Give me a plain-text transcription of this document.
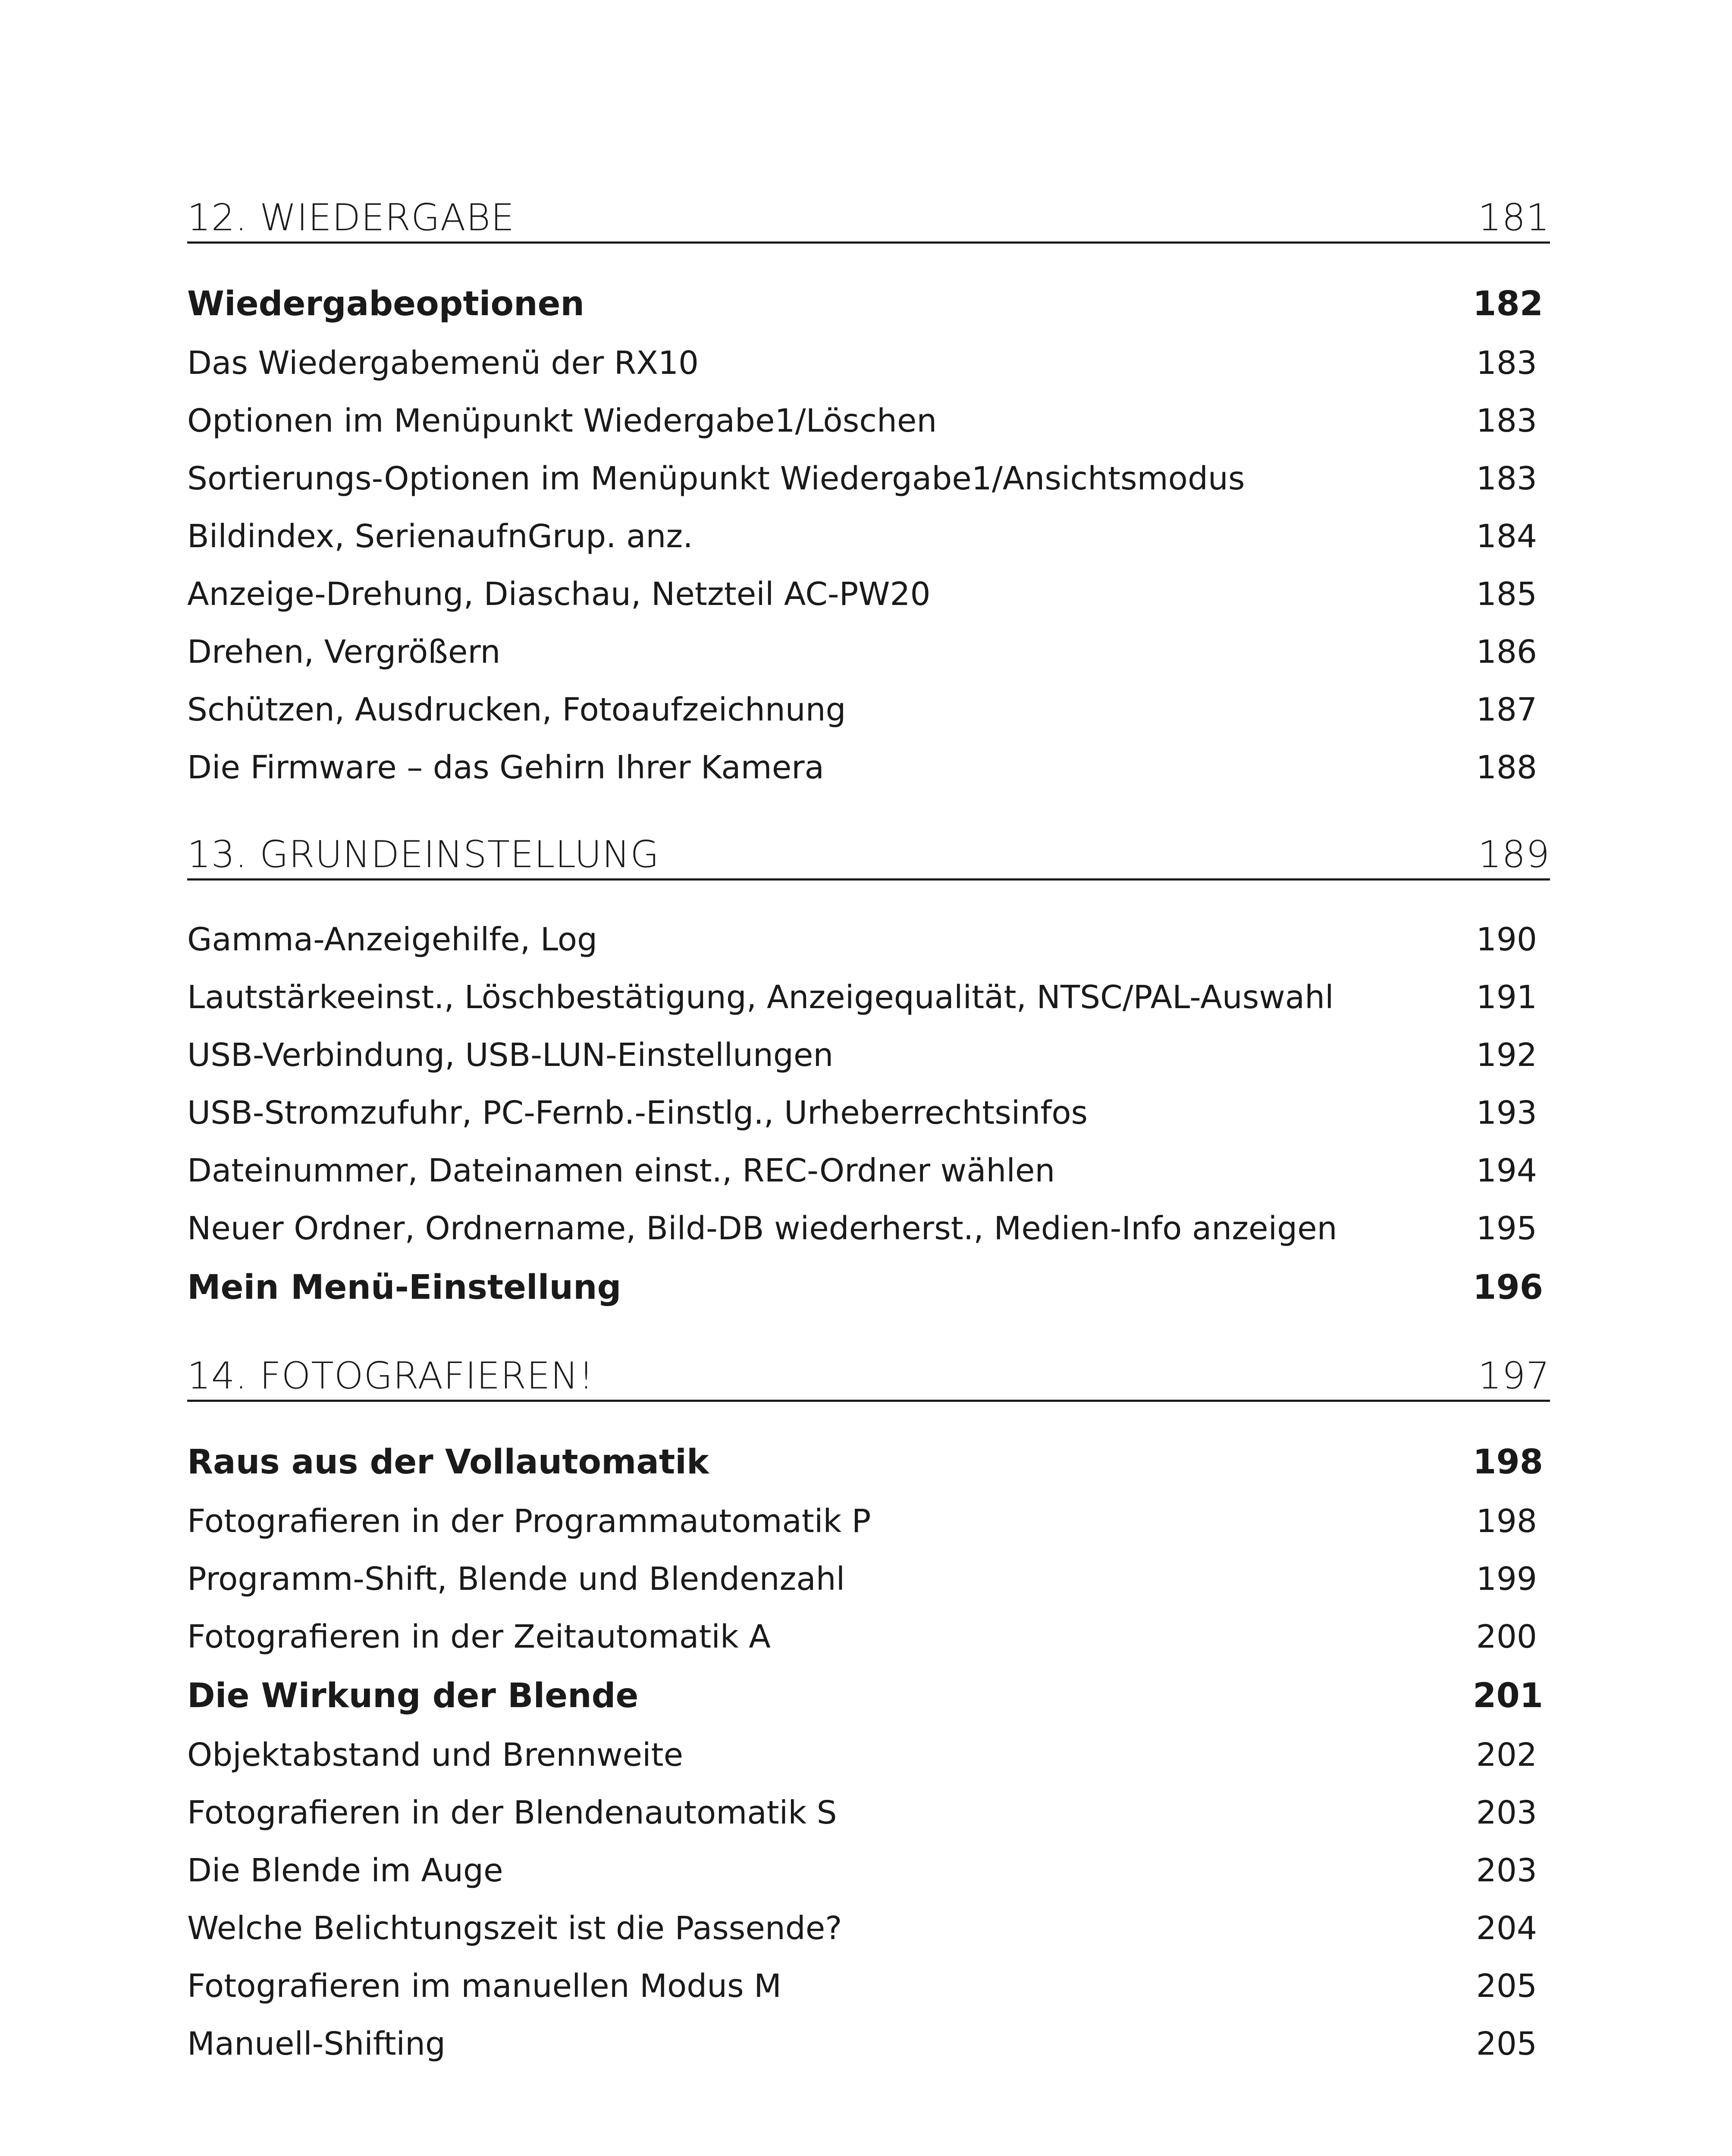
12. WIEDERGABE	181
Wiedergabeoptionen	182
Das Wiedergabemenü der RX10	183
Optionen im Menüpunkt Wiedergabe1/Löschen	183
Sortierungs-Optionen im Menüpunkt Wiedergabe1/Ansichtsmodus	183
Bildindex, SerienaufnGrup. anz.	184
Anzeige-Drehung, Diaschau, Netzteil AC-PW20	185
Drehen, Vergrößern	186
Schützen, Ausdrucken, Fotoaufzeichnung	187
Die Firmware – das Gehirn Ihrer Kamera	188
13. GRUNDEINSTELLUNG	189
Gamma-Anzeigehilfe, Log	190
Lautstärkeeinst., Löschbestätigung, Anzeigequalität, NTSC/PAL-Auswahl	191
USB-Verbindung, USB-LUN-Einstellungen	192
USB-Stromzufuhr, PC-Fernb.-Einstlg., Urheberrechtsinfos	193
Dateinummer, Dateinamen einst., REC-Ordner wählen	194
Neuer Ordner, Ordnername, Bild-DB wiederherst., Medien-Info anzeigen	195
Mein Menü-Einstellung	196
14. FOTOGRAFIEREN!	197
Raus aus der Vollautomatik	198
Fotografieren in der Programmautomatik P	198
Programm-Shift, Blende und Blendenzahl	199
Fotografieren in der Zeitautomatik A	200
Die Wirkung der Blende	201
Objektabstand und Brennweite	202
Fotografieren in der Blendenautomatik S	203
Die Blende im Auge	203
Welche Belichtungszeit ist die Passende?	204
Fotografieren im manuellen Modus M	205
Manuell-Shifting	205
